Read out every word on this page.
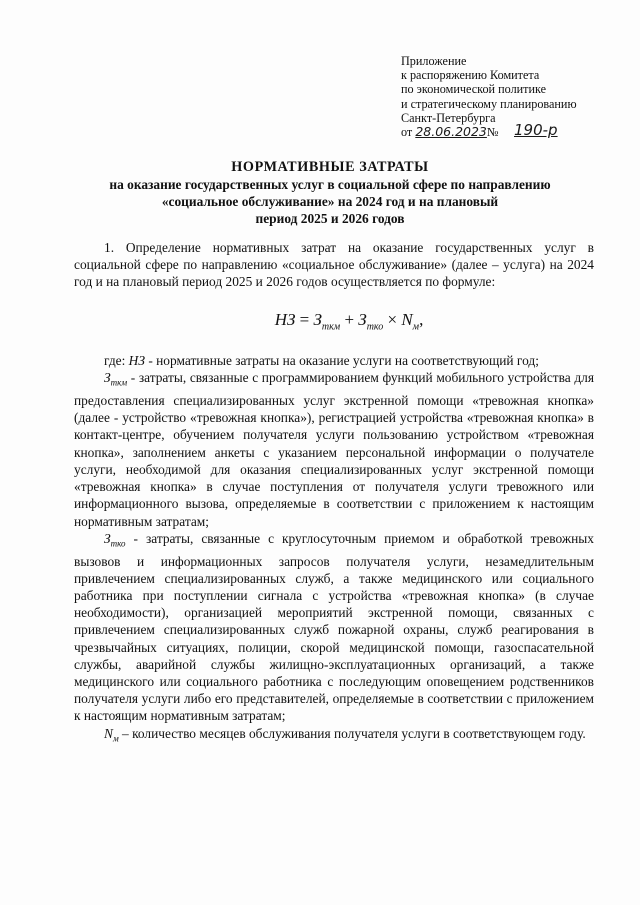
Приложение
к распоряжению Комитета
по экономической политике
и стратегическому планированию
Санкт-Петербурга
от 28.06.2023№ 190-р
НОРМАТИВНЫЕ ЗАТРАТЫ
на оказание государственных услуг в социальной сфере по направлению
«социальное обслуживание» на 2024 год и на плановый
период 2025 и 2026 годов

1. Определение нормативных затрат на оказание государственных услуг в социальной сфере по направлению «социальное обслуживание» (далее – услуга) на 2024 год и на плановый период 2025 и 2026 годов осуществляется по формуле:

НЗ = $З_{ткм} + З_{тко} \times N_м$,

где: НЗ - нормативные затраты на оказание услуги на соответствующий год;

$З_{ткм}$ - затраты, связанные с программированием функций мобильного устройства для предоставления специализированных услуг экстренной помощи «тревожная кнопка» (далее - устройство «тревожная кнопка»), регистрацией устройства «тревожная кнопка» в контакт-центре, обучением получателя услуги пользованию устройством «тревожная кнопка», заполнением анкеты с указанием персональной информации о получателе услуги, необходимой для оказания специализированных услуг экстренной помощи «тревожная кнопка» в случае поступления от получателя услуги тревожного или информационного вызова, определяемые в соответствии с приложением к настоящим нормативным затратам;

$З_{тко}$ - затраты, связанные с круглосуточным приемом и обработкой тревожных вызовов и информационных запросов получателя услуги, незамедлительным привлечением специализированных служб, а также медицинского или социального работника при поступлении сигнала с устройства «тревожная кнопка» (в случае необходимости), организацией мероприятий экстренной помощи, связанных с привлечением специализированных служб пожарной охраны, служб реагирования в чрезвычайных ситуациях, полиции, скорой медицинской помощи, газоспасательной службы, аварийной службы жилищно-эксплуатационных организаций, а также медицинского или социального работника с последующим оповещением родственников получателя услуги либо его представителей, определяемые в соответствии с приложением к настоящим нормативным затратам;

$N_м$ – количество месяцев обслуживания получателя услуги в соответствующем году.
